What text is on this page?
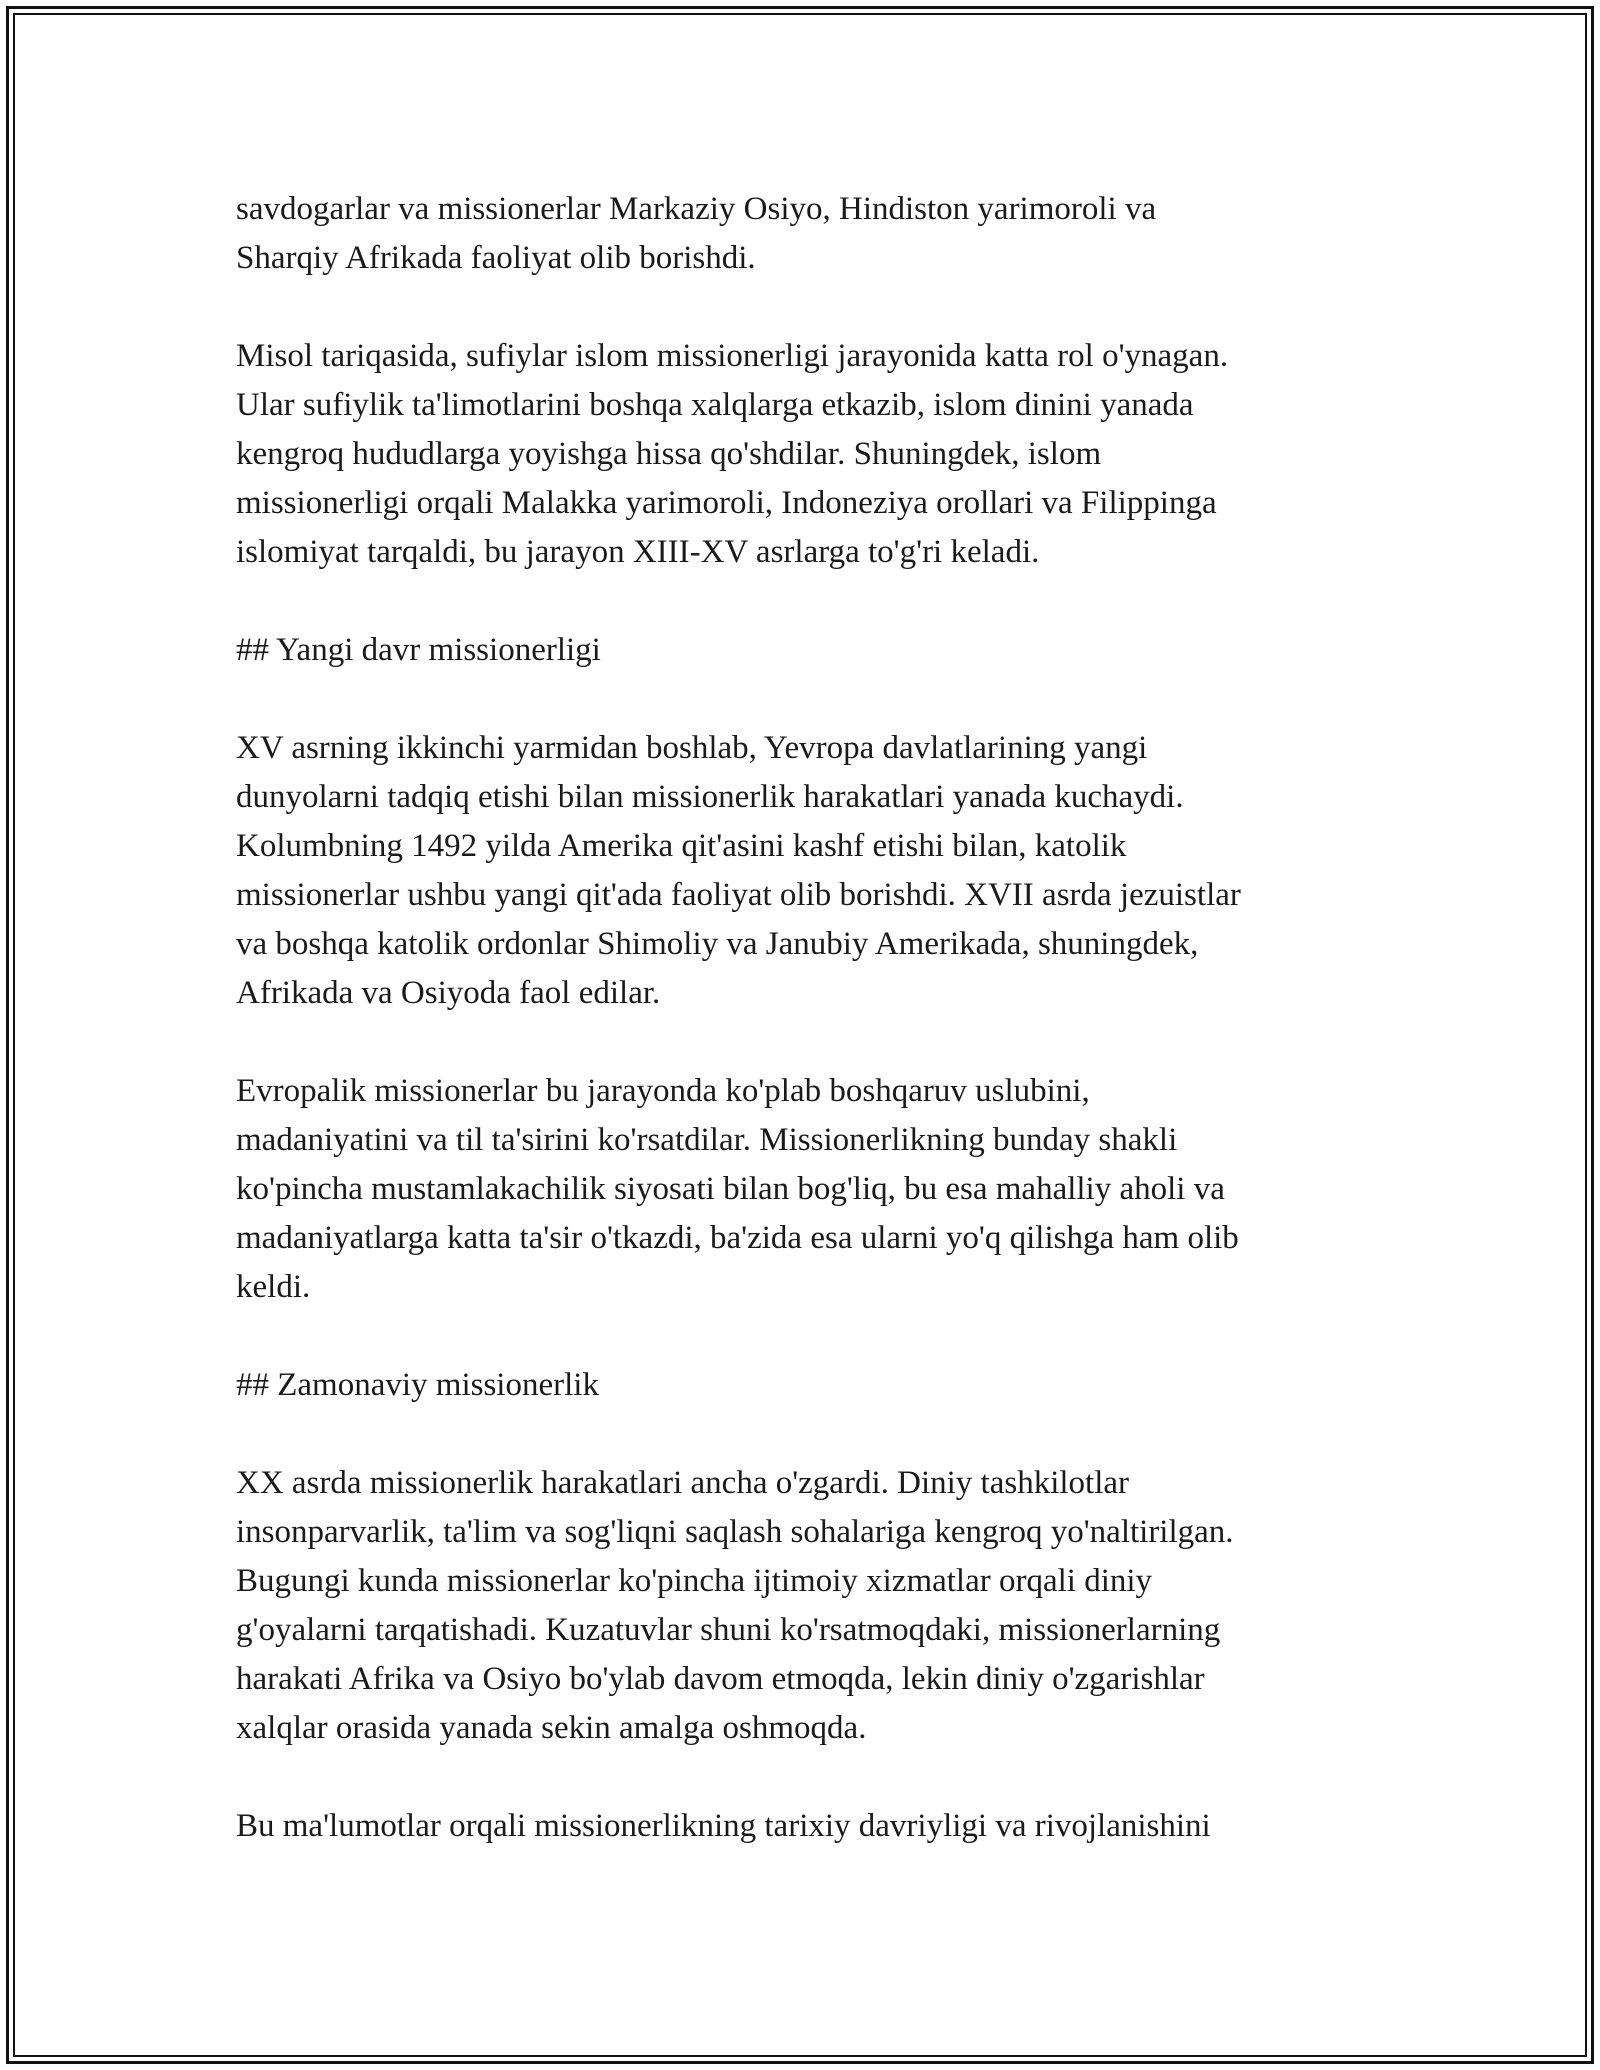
savdogarlar va missionerlar Markaziy Osiyo, Hindiston yarimoroli va
Sharqiy Afrikada faoliyat olib borishdi.

Misol tariqasida, sufiylar islom missionerligi jarayonida katta rol o'ynagan.
Ular sufiylik ta'limotlarini boshqa xalqlarga etkazib, islom dinini yanada
kengroq hududlarga yoyishga hissa qo'shdilar. Shuningdek, islom
missionerligi orqali Malakka yarimoroli, Indoneziya orollari va Filippinga
islomiyat tarqaldi, bu jarayon XIII-XV asrlarga to'g'ri keladi.

## Yangi davr missionerligi

XV asrning ikkinchi yarmidan boshlab, Yevropa davlatlarining yangi
dunyolarni tadqiq etishi bilan missionerlik harakatlari yanada kuchaydi.
Kolumbning 1492 yilda Amerika qit'asini kashf etishi bilan, katolik
missionerlar ushbu yangi qit'ada faoliyat olib borishdi. XVII asrda jezuistlar
va boshqa katolik ordonlar Shimoliy va Janubiy Amerikada, shuningdek,
Afrikada va Osiyoda faol edilar.

Evropalik missionerlar bu jarayonda ko'plab boshqaruv uslubini,
madaniyatini va til ta'sirini ko'rsatdilar. Missionerlikning bunday shakli
ko'pincha mustamlakachilik siyosati bilan bog'liq, bu esa mahalliy aholi va
madaniyatlarga katta ta'sir o'tkazdi, ba'zida esa ularni yo'q qilishga ham olib
keldi.

## Zamonaviy missionerlik

XX asrda missionerlik harakatlari ancha o'zgardi. Diniy tashkilotlar
insonparvarlik, ta'lim va sog'liqni saqlash sohalariga kengroq yo'naltirilgan.
Bugungi kunda missionerlar ko'pincha ijtimoiy xizmatlar orqali diniy
g'oyalarni tarqatishadi. Kuzatuvlar shuni ko'rsatmoqdaki, missionerlarning
harakati Afrika va Osiyo bo'ylab davom etmoqda, lekin diniy o'zgarishlar
xalqlar orasida yanada sekin amalga oshmoqda.

Bu ma'lumotlar orqali missionerlikning tarixiy davriyligi va rivojlanishini
